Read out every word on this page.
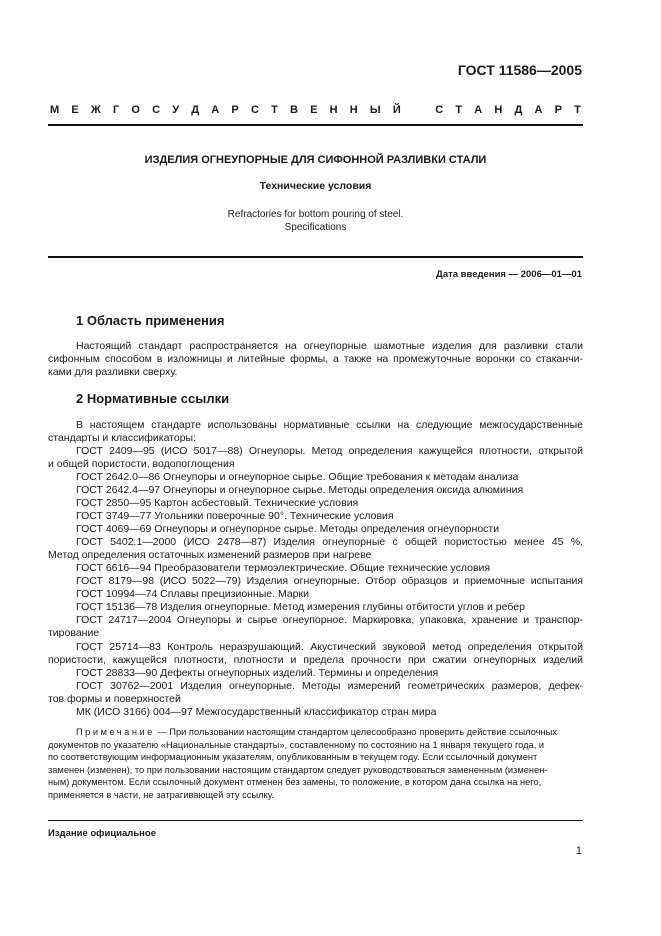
ГОСТ 11586—2005
М Е Ж Г О С У Д А Р С Т В Е Н Н Ы Й	С Т А Н Д А Р Т
ИЗДЕЛИЯ ОГНЕУПОРНЫЕ ДЛЯ СИФОННОЙ РАЗЛИВКИ СТАЛИ
Технические условия
Refractories for bottom pouring of steel.
Specifications
Дата введения — 2006—01—01
1 Область применения
Настоящий стандарт распространяется на огнеупорные шамотные изделия для разливки стали
сифонным способом в изложницы и литейные формы, а также на промежуточные воронки со стаканчи-
ками для разливки сверху.
2 Нормативные ссылки
В настоящем стандарте использованы нормативные ссылки на следующие межгосударственные
стандарты и классификаторы:
ГОСТ 2409—95 (ИСО 5017—88) Огнеупоры. Метод определения кажущейся плотности, открытой
и общей пористости, водопоглощения
ГОСТ 2642.0—86 Огнеупоры и огнеупорное сырье. Общие требования к методам анализа
ГОСТ 2642.4—97 Огнеупоры и огнеупорное сырье. Методы определения оксида алюминия
ГОСТ 2850—95 Картон асбестовый. Технические условия
ГОСТ 3749—77 Угольники поверочные 90°. Технические условия
ГОСТ 4069—69 Огнеупоры и огнеупорное сырье. Методы определения огнеупорности
ГОСТ 5402.1—2000 (ИСО 2478—87) Изделия огнеупорные с общей пористостью менее 45 %.
Метод определения остаточных изменений размеров при нагреве
ГОСТ 6616—94 Преобразователи термоэлектрические. Общие технические условия
ГОСТ 8179—98 (ИСО 5022—79) Изделия огнеупорные. Отбор образцов и приемочные испытания
ГОСТ 10994—74 Сплавы прецизионные. Марки
ГОСТ 15136—78 Изделия огнеупорные. Метод измерения глубины отбитости углов и ребер
ГОСТ 24717—2004 Огнеупоры и сырье огнеупорное. Маркировка, упаковка, хранение и транспор-
тирование
ГОСТ 25714—83 Контроль неразрушающий. Акустический звуковой метод определения открытой
пористости, кажущейся плотности, плотности и предела прочности при сжатии огнеупорных изделий
ГОСТ 28833—90 Дефекты огнеупорных изделий. Термины и определения
ГОСТ 30762—2001 Изделия огнеупорные. Методы измерений геометрических размеров, дефек-
тов формы и поверхностей
МК (ИСО 3166) 004—97 Межгосударственный классификатор стран мира
Примечание — При пользовании настоящим стандартом целесообразно проверить действие ссылочных
документов по указателю «Национальные стандарты», составленному по состоянию на 1 января текущего года, и
по соответствующим информационным указателям, опубликованным в текущем году. Если ссылочный документ
заменен (изменен), то при пользовании настоящим стандартом следует руководствоваться замененным (изменен-
ным) документом. Если ссылочный документ отменен без замены, то положение, в котором дана ссылка на него,
применяется в части, не затрагивающей эту ссылку.
Издание официальное
1
